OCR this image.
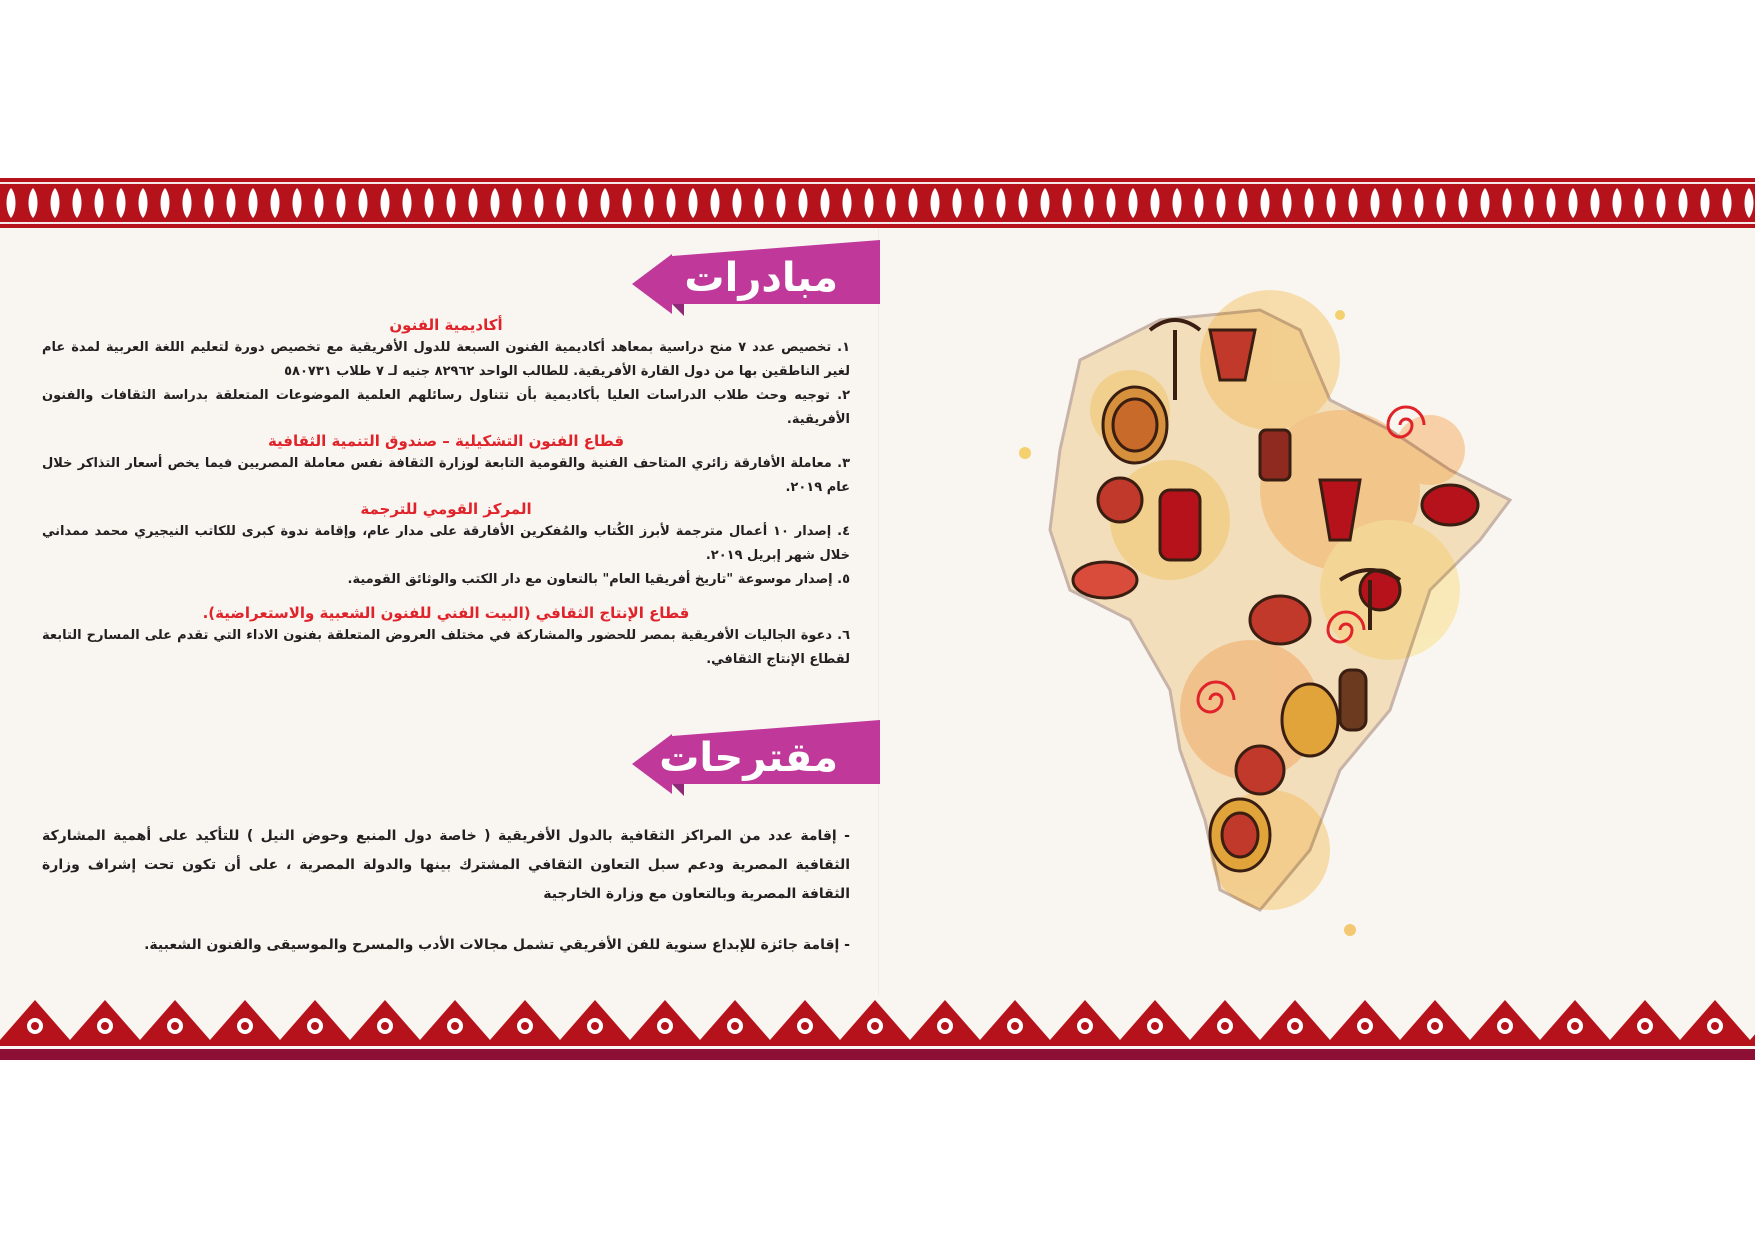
مبادرات
أكاديمية الفنون

١. تخصيص عدد ٧ منح دراسية بمعاهد أكاديمية الفنون السبعة للدول الأفريقية مع تخصيص دورة لتعليم اللغة العربية لمدة عام لغير الناطقين بها من دول القارة الأفريقية. للطالب الواحد ٨٢٩٦٢ جنيه لـ ٧ طلاب ٥٨٠٧٣١

٢. توجيه وحث طلاب الدراسات العليا بأكاديمية بأن تتناول رسائلهم العلمية الموضوعات المتعلقة بدراسة الثقافات والفنون الأفريقية.

قطاع الفنون التشكيلية – صندوق التنمية الثقافية

٣. معاملة الأفارقة زائري المتاحف الفنية والقومية التابعة لوزارة الثقافة نفس معاملة المصريين فيما يخص أسعار التذاكر خلال عام ٢٠١٩.

المركز القومي للترجمة

٤. إصدار ١٠ أعمال مترجمة لأبرز الكُتاب والمُفكرين الأفارقة على مدار عام، وإقامة ندوة كبرى للكاتب النيجيري محمد ممداني خلال شهر إبريل ٢٠١٩.

٥. إصدار موسوعة "تاريخ أفريقيا العام" بالتعاون مع دار الكتب والوثائق القومية.

قطاع الإنتاج الثقافي (البيت الفني للفنون الشعبية والاستعراضية).

٦. دعوة الجاليات الأفريقية بمصر للحضور والمشاركة في مختلف العروض المتعلقة بفنون الاداء التي تقدم على المسارح التابعة لقطاع الإنتاج الثقافي.

مقترحات

- إقامة عدد من المراكز الثقافية بالدول الأفريقية ( خاصة دول المنبع وحوض النيل ) للتأكيد على أهمية المشاركة الثقافية المصرية ودعم سبل التعاون الثقافي المشترك بينها والدولة المصرية ، على أن تكون تحت إشراف وزارة الثقافة المصرية وبالتعاون مع وزارة الخارجية

- إقامة جائزة للإبداع سنوية للفن الأفريقي تشمل مجالات الأدب والمسرح والموسيقى والفنون الشعبية.
